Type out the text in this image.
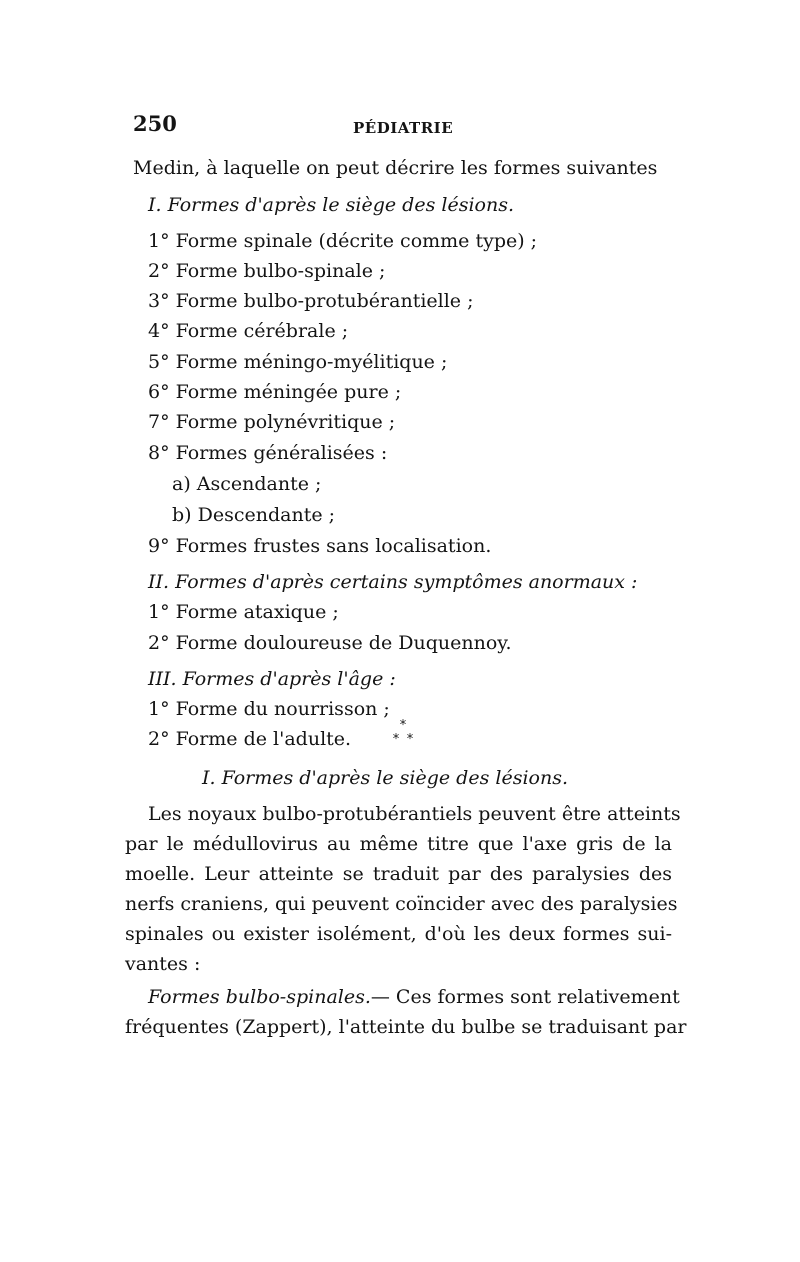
250	PÉDIATRIE
Medin, à laquelle on peut décrire les formes suivantes
I. Formes d'après le siège des lésions.
1° Forme spinale (décrite comme type) ;
2° Forme bulbo-spinale ;
3° Forme bulbo-protubérantielle ;
4° Forme cérébrale ;
5° Forme méningo-myélitique ;
6° Forme méningée pure ;
7° Forme polynévritique ;
8° Formes généralisées :
a) Ascendante ;
b) Descendante ;
9° Formes frustes sans localisation.
II. Formes d'après certains symptômes anormaux :
1° Forme ataxique ;
2° Forme douloureuse de Duquennoy.
III. Formes d'après l'âge :
1° Forme du nourrisson ;
2° Forme de l'adulte.
*
* *
I. Formes d'après le siège des lésions.
Les noyaux bulbo-protubérantiels peuvent être atteints
par le médullovirus au même titre que l'axe gris de la
moelle. Leur atteinte se traduit par des paralysies des
nerfs craniens, qui peuvent coïncider avec des paralysies
spinales ou exister isolément, d'où les deux formes sui-
vantes :
Formes bulbo-spinales. — Ces formes sont relativement
fréquentes (Zappert), l'atteinte du bulbe se traduisant par
